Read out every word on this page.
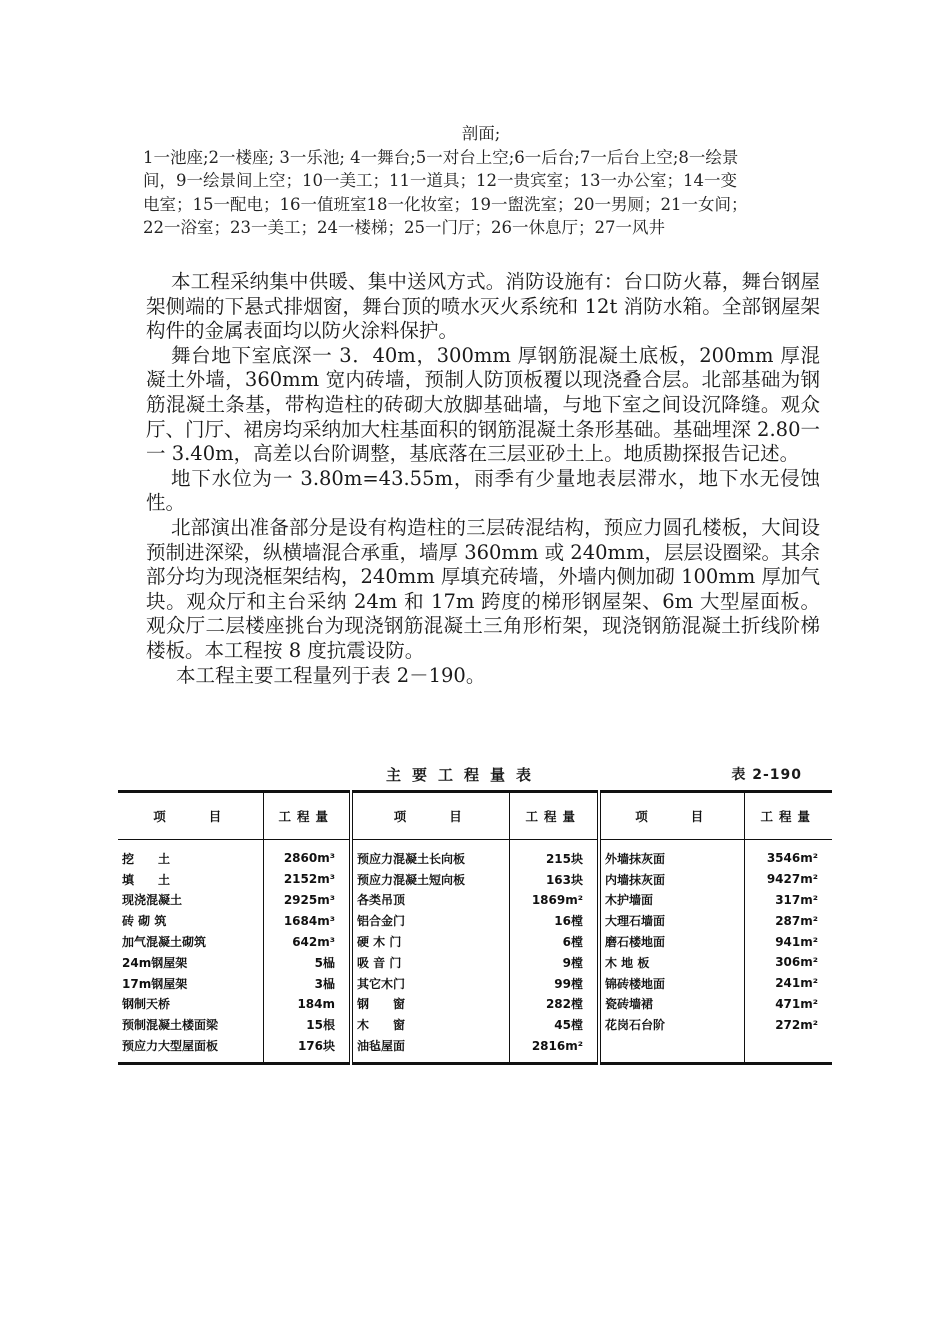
剖面;
1一池座;2一楼座; 3一乐池; 4一舞台;5一对台上空;6一后台;7一后台上空;8一绘景
间，9一绘景间上空；10一美工；11一道具；12一贵宾室；13一办公室；14一变
电室；15一配电；16一值班室18一化妆室；19一盥洗室；20一男厕；21一女间；
22一浴室；23一美工；24一楼梯；25一门厅；26一休息厅；27一风井

本工程采纳集中供暖、集中送风方式。消防设施有：台口防火幕，舞台钢屋架侧端的下悬式排烟窗，舞台顶的喷水灭火系统和 12t 消防水箱。全部钢屋架构件的金属表面均以防火涂料保护。

舞台地下室底深一 3．40m，300mm 厚钢筋混凝土底板，200mm 厚混凝土外墙，360mm 宽内砖墙，预制人防顶板覆以现浇叠合层。北部基础为钢筋混凝土条基，带构造柱的砖砌大放脚基础墙，与地下室之间设沉降缝。观众厅、门厅、裙房均采纳加大柱基面积的钢筋混凝土条形基础。基础埋深 2.80一一 3.40m，高差以台阶调整，基底落在三层亚砂土上。地质勘探报告记述。

地下水位为一 3.80m=43.55m，雨季有少量地表层滞水，地下水无侵蚀性。

北部演出准备部分是设有构造柱的三层砖混结构，预应力圆孔楼板，大间设预制进深梁，纵横墙混合承重，墙厚 360mm 或 240mm，层层设圈梁。其余部分均为现浇框架结构，240mm 厚填充砖墙，外墙内侧加砌 100mm 厚加气块。观众厅和主台采纳 24m 和 17m 跨度的梯形钢屋架、6m 大型屋面板。观众厅二层楼座挑台为现浇钢筋混凝土三角形桁架，现浇钢筋混凝土折线阶梯楼板。本工程按 8 度抗震设防。

本工程主要工程量列于表 2－190。

主要工程量表	表 2-190
项　　目	工程量	项　　目	工程量	项　　目	工程量
挖　　土	2860m³	预应力混凝土长向板	215块	外墙抹灰面	3546m²
填　　土	2152m³	预应力混凝土短向板	163块	内墙抹灰面	9427m²
现浇混凝土	2925m³	各类吊顶	1869m²	木护墙面	317m²
砖 砌 筑	1684m³	铝合金门	16樘	大理石墙面	287m²
加气混凝土砌筑	642m³	硬 木 门	6樘	磨石楼地面	941m²
24m钢屋架	5榀	吸 音 门	9樘	木 地 板	306m²
17m钢屋架	3榀	其它木门	99樘	锦砖楼地面	241m²
钢制天桥	184m	钢　　窗	282樘	瓷砖墙裙	471m²
预制混凝土楼面梁	15根	木　　窗	45樘	花岗石台阶	272m²
预应力大型屋面板	176块	油毡屋面	2816m²		
